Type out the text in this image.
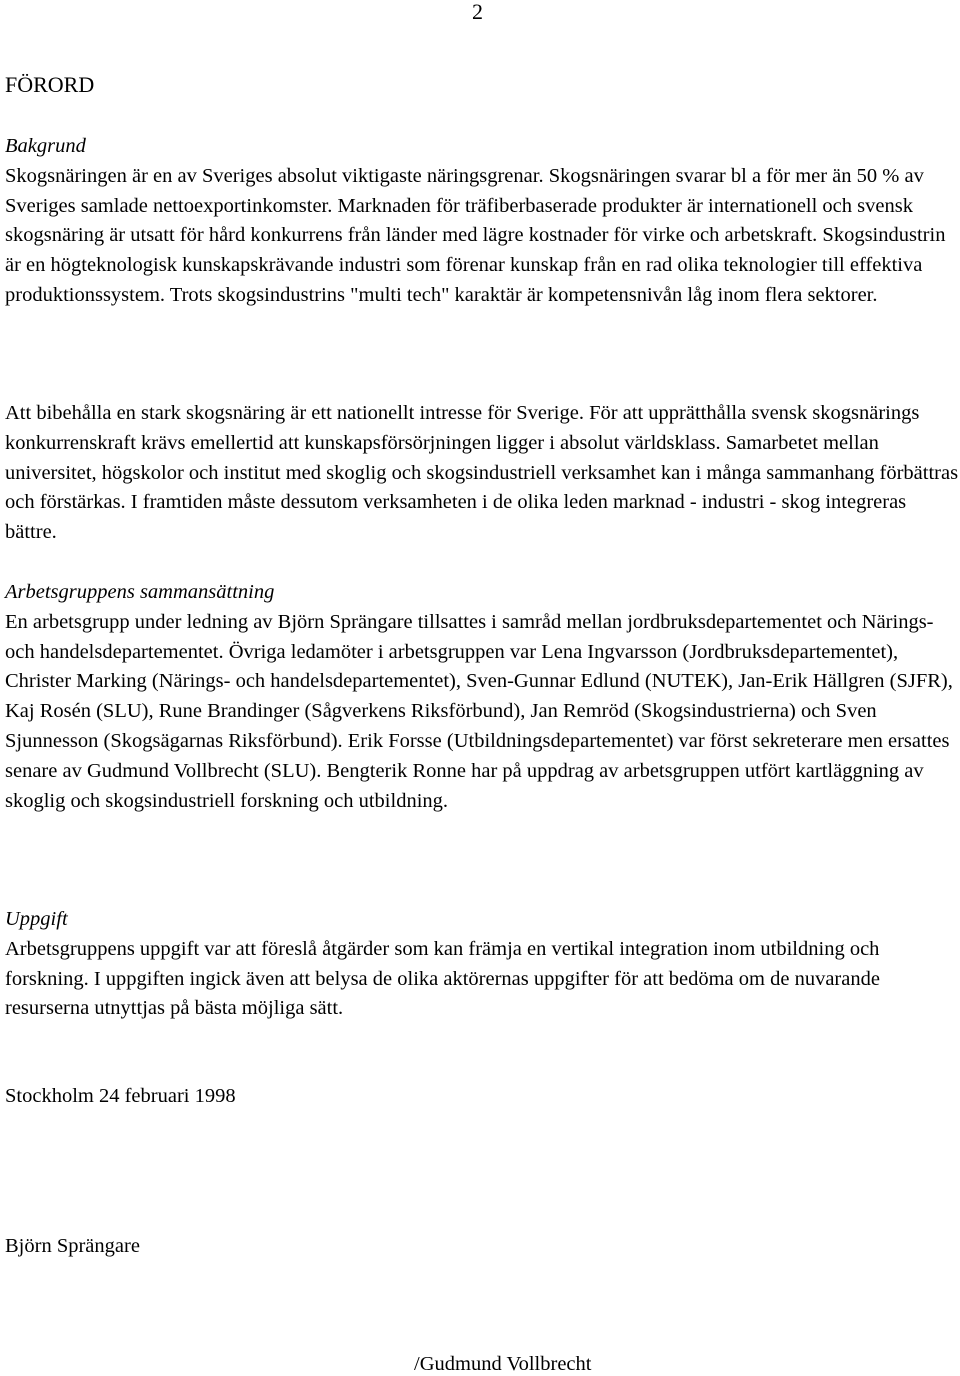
2
FÖRORD
Bakgrund

Skogsnäringen är en av Sveriges absolut viktigaste näringsgrenar. Skogsnäringen svarar bl a för mer än 50 % av Sveriges samlade nettoexportinkomster. Marknaden för träfiberbaserade produkter är internationell och svensk skogsnäring är utsatt för hård konkurrens från länder med lägre kostnader för virke och arbetskraft. Skogsindustrin är en högteknologisk kunskapskrävande industri som förenar kunskap från en rad olika teknologier till effektiva produktionssystem. Trots skogsindustrins "multi tech" karaktär är kompetensnivån låg inom flera sektorer.

Att bibehålla en stark skogsnäring är ett nationellt intresse för Sverige. För att upprätthålla svensk skogsnärings konkurrenskraft krävs emellertid att kunskapsförsörjningen ligger i absolut världsklass. Samarbetet mellan universitet, högskolor och institut med skoglig och skogsindustriell verksamhet kan i många sammanhang förbättras och förstärkas. I framtiden måste dessutom verksamheten i de olika leden marknad - industri - skog integreras bättre.

Arbetsgruppens sammansättning

En arbetsgrupp under ledning av Björn Sprängare tillsattes i samråd mellan jordbruksdepartementet och Närings- och handelsdepartementet. Övriga ledamöter i arbetsgruppen var Lena Ingvarsson (Jordbruksdepartementet), Christer Marking (Närings- och handelsdepartementet), Sven-Gunnar Edlund (NUTEK), Jan-Erik Hällgren (SJFR), Kaj Rosén (SLU), Rune Brandinger (Sågverkens Riksförbund), Jan Remröd (Skogsindustrierna) och Sven Sjunnesson (Skogsägarnas Riksförbund). Erik Forsse (Utbildningsdepartementet) var först sekreterare men ersattes senare av Gudmund Vollbrecht (SLU). Bengterik Ronne har på uppdrag av arbetsgruppen utfört kartläggning av skoglig och skogsindustriell forskning och utbildning.

Uppgift

Arbetsgruppens uppgift var att föreslå åtgärder som kan främja en vertikal integration inom utbildning och forskning. I uppgiften ingick även att belysa de olika aktörernas uppgifter för att bedöma om de nuvarande resurserna utnyttjas på bästa möjliga sätt.

Stockholm 24 februari 1998

Björn Sprängare

/Gudmund Vollbrecht
